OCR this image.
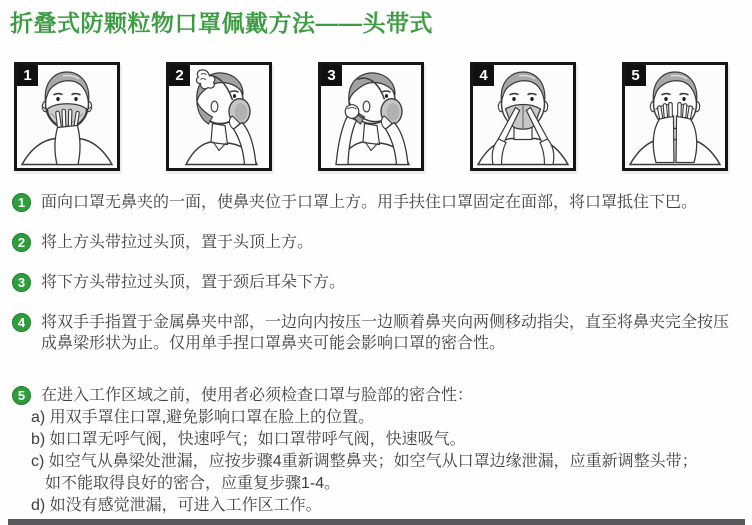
折叠式防颗粒物口罩佩戴方法——头带式
1	2	3	4	5
1 面向口罩无鼻夹的一面，使鼻夹位于口罩上方。用手扶住口罩固定在面部，将口罩抵住下巴。
2 将上方头带拉过头顶，置于头顶上方。
3 将下方头带拉过头顶，置于颈后耳朵下方。
4 将双手手指置于金属鼻夹中部，一边向内按压一边顺着鼻夹向两侧移动指尖，直至将鼻夹完全按压成鼻梁形状为止。仅用单手捏口罩鼻夹可能会影响口罩的密合性。
5 在进入工作区域之前，使用者必须检查口罩与脸部的密合性：
a) 用双手罩住口罩,避免影响口罩在脸上的位置。
b) 如口罩无呼气阀，快速呼气；如口罩带呼气阀，快速吸气。
c) 如空气从鼻梁处泄漏，应按步骤4重新调整鼻夹；如空气从口罩边缘泄漏，应重新调整头带；
如不能取得良好的密合，应重复步骤1-4。
d) 如没有感觉泄漏，可进入工作区工作。
